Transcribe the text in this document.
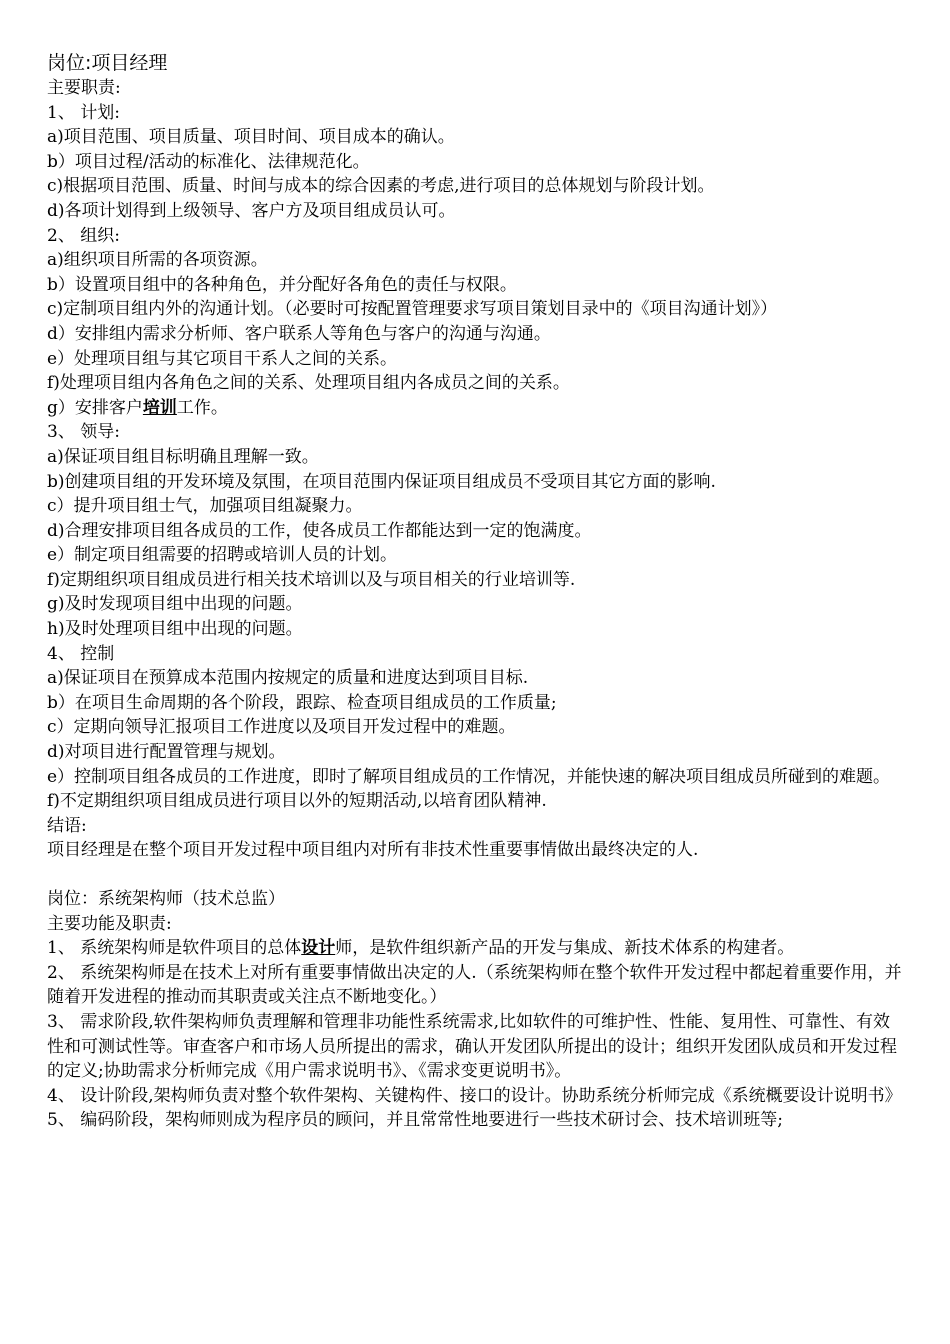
岗位:项目经理
主要职责:
1、 计划:
a)项目范围、项目质量、项目时间、项目成本的确认。
b）项目过程/活动的标准化、法律规范化。
c)根据项目范围、质量、时间与成本的综合因素的考虑,进行项目的总体规划与阶段计划。
d)各项计划得到上级领导、客户方及项目组成员认可。
2、 组织:
a)组织项目所需的各项资源。
b）设置项目组中的各种角色，并分配好各角色的责任与权限。
c)定制项目组内外的沟通计划。（必要时可按配置管理要求写项目策划目录中的《项目沟通计划》）
d）安排组内需求分析师、客户联系人等角色与客户的沟通与沟通。
e）处理项目组与其它项目干系人之间的关系。
f)处理项目组内各角色之间的关系、处理项目组内各成员之间的关系。
g）安排客户培训工作。
3、 领导:
a)保证项目组目标明确且理解一致。
b)创建项目组的开发环境及氛围，在项目范围内保证项目组成员不受项目其它方面的影响.
c）提升项目组士气，加强项目组凝聚力。
d)合理安排项目组各成员的工作，使各成员工作都能达到一定的饱满度。
e）制定项目组需要的招聘或培训人员的计划。
f)定期组织项目组成员进行相关技术培训以及与项目相关的行业培训等.
g)及时发现项目组中出现的问题。
h)及时处理项目组中出现的问题。
4、 控制
a)保证项目在预算成本范围内按规定的质量和进度达到项目目标.
b）在项目生命周期的各个阶段，跟踪、检查项目组成员的工作质量;
c）定期向领导汇报项目工作进度以及项目开发过程中的难题。
d)对项目进行配置管理与规划。
e）控制项目组各成员的工作进度，即时了解项目组成员的工作情况，并能快速的解决项目组成员所碰到的难题。
f)不定期组织项目组成员进行项目以外的短期活动,以培育团队精神.
结语:
项目经理是在整个项目开发过程中项目组内对所有非技术性重要事情做出最终决定的人.
岗位：系统架构师（技术总监）
主要功能及职责:
1、 系统架构师是软件项目的总体设计师，是软件组织新产品的开发与集成、新技术体系的构建者。
2、 系统架构师是在技术上对所有重要事情做出决定的人.（系统架构师在整个软件开发过程中都起着重要作用，并随着开发进程的推动而其职责或关注点不断地变化。）
3、 需求阶段,软件架构师负责理解和管理非功能性系统需求,比如软件的可维护性、性能、复用性、可靠性、有效性和可测试性等。审查客户和市场人员所提出的需求，确认开发团队所提出的设计；组织开发团队成员和开发过程的定义;协助需求分析师完成《用户需求说明书》、《需求变更说明书》。
4、 设计阶段,架构师负责对整个软件架构、关键构件、接口的设计。协助系统分析师完成《系统概要设计说明书》
5、 编码阶段，架构师则成为程序员的顾问，并且常常性地要进行一些技术研讨会、技术培训班等;
